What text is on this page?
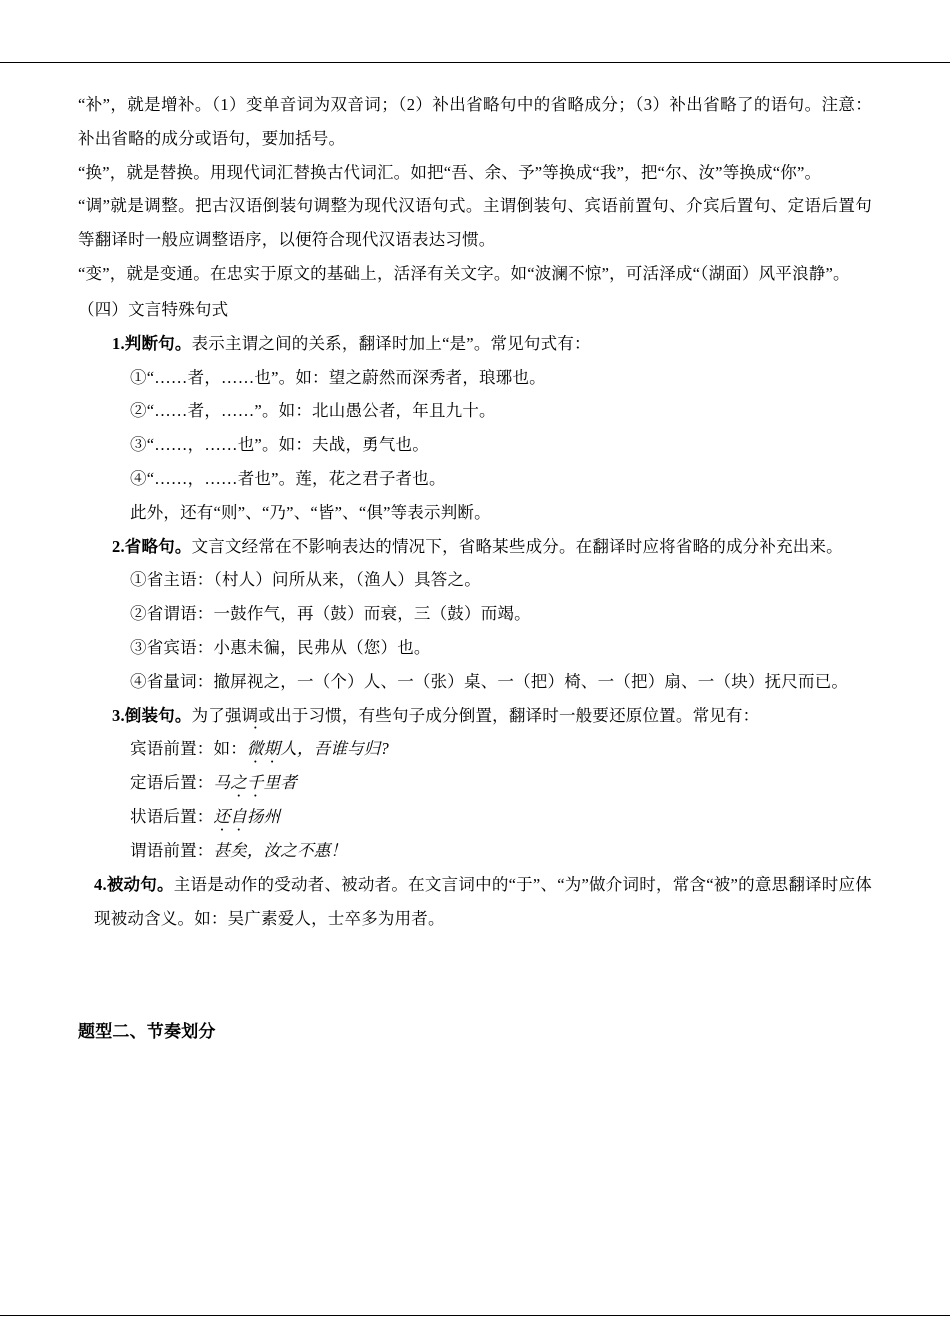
“补”，就是增补。（1）变单音词为双音词；（2）补出省略句中的省略成分；（3）补出省略了的语句。注意：补出省略的成分或语句，要加括号。

“换”，就是替换。用现代词汇替换古代词汇。如把“吾、余、予”等换成“我”，把“尔、汝”等换成“你”。

“调”就是调整。把古汉语倒装句调整为现代汉语句式。主谓倒装句、宾语前置句、介宾后置句、定语后置句等翻译时一般应调整语序，以便符合现代汉语表达习惯。

“变”，就是变通。在忠实于原文的基础上，活泽有关文字。如“波澜不惊”，可活泽成“（湖面）风平浪静”。

（四）文言特殊句式

1.判断句。表示主谓之间的关系，翻译时加上“是”。常见句式有：

①“……者，……也”。如：望之蔚然而深秀者，琅琊也。

②“……者，……”。如：北山愚公者，年且九十。

③“……，……也”。如：夫战，勇气也。

④“……，……者也”。莲，花之君子者也。

此外，还有“则”、“乃”、“皆”、“俱”等表示判断。

2.省略句。文言文经常在不影响表达的情况下，省略某些成分。在翻译时应将省略的成分补充出来。

①省主语：（村人）问所从来，（渔人）具答之。

②省谓语：一鼓作气，再（鼓）而衰，三（鼓）而竭。

③省宾语：小惠未徧，民弗从（您）也。

④省量词：撤屏视之，一（个）人、一（张）桌、一（把）椅、一（把）扇、一（块）抚尺而已。

3.倒装句。为了强调或出于习惯，有些句子成分倒置，翻译时一般要还原位置。常见有：

宾语前置：如：微期人，吾谁与归?

定语后置：马之千里者

状语后置：还自扬州

谓语前置：甚矣，汝之不惠！

4.被动句。主语是动作的受动者、被动者。在文言词中的“于”、“为”做介词时，常含“被”的意思翻译时应体现被动含义。如：吴广素爱人，士卒多为用者。

题型二、节奏划分
